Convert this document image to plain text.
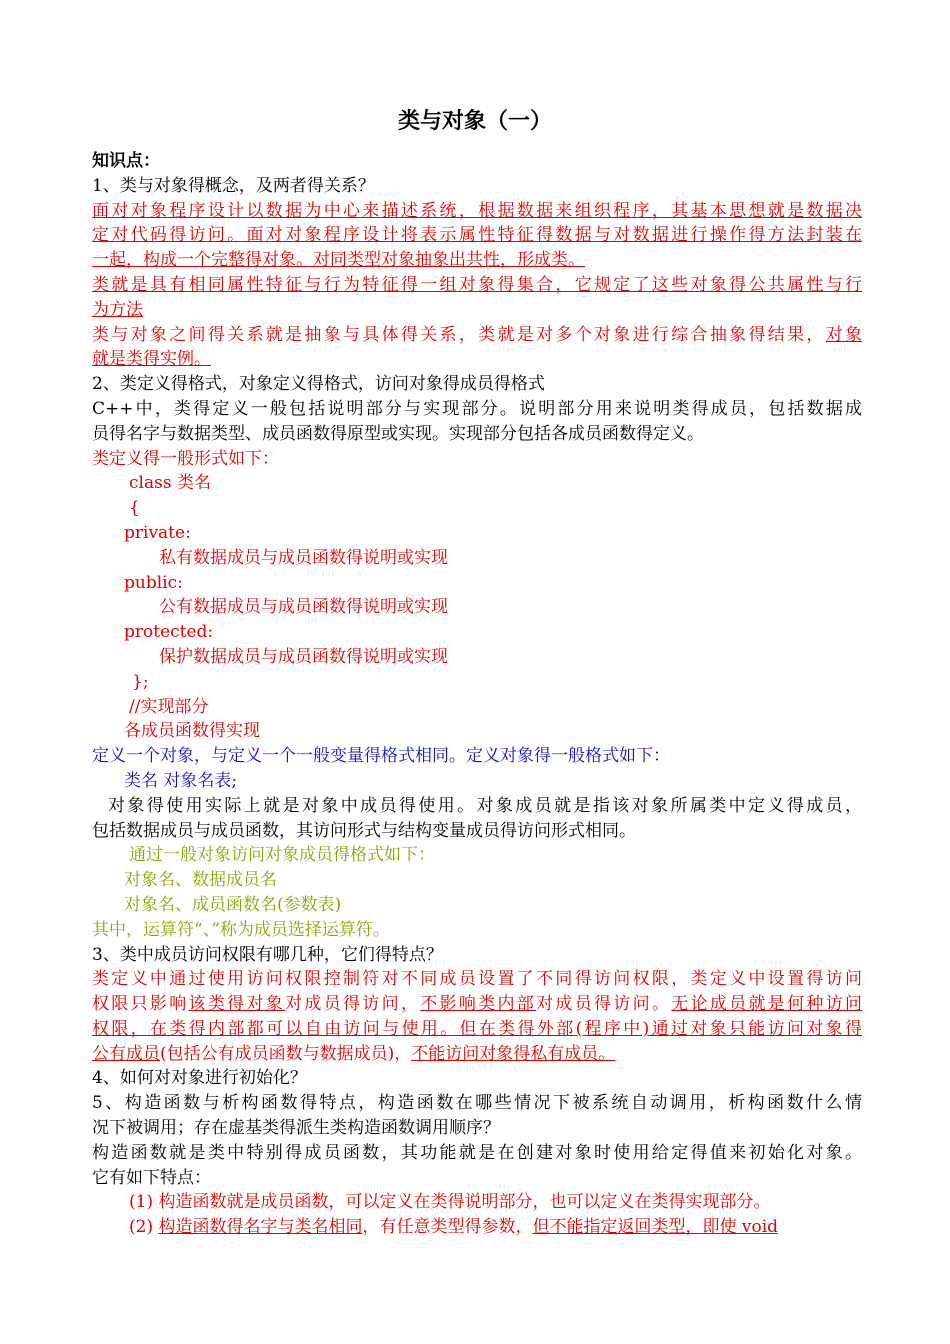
类与对象（一）
知识点：
1、类与对象得概念，及两者得关系？
面对对象程序设计以数据为中心来描述系统，根据数据来组织程序，其基本思想就是数据决
定对代码得访问。面对对象程序设计将表示属性特征得数据与对数据进行操作得方法封装在
一起，构成一个完整得对象。对同类型对象抽象出共性，形成类。
类就是具有相同属性特征与行为特征得一组对象得集合，它规定了这些对象得公共属性与行
为方法
类与对象之间得关系就是抽象与具体得关系，类就是对多个对象进行综合抽象得结果，对象
就是类得实例。
2、类定义得格式，对象定义得格式，访问对象得成员得格式
C++中，类得定义一般包括说明部分与实现部分。说明部分用来说明类得成员，包括数据成
员得名字与数据类型、成员函数得原型或实现。实现部分包括各成员函数得定义。
类定义得一般形式如下：
class 类名
{
private:
私有数据成员与成员函数得说明或实现
public:
公有数据成员与成员函数得说明或实现
protected:
保护数据成员与成员函数得说明或实现
};
//实现部分
各成员函数得实现
定义一个对象，与定义一个一般变量得格式相同。定义对象得一般格式如下：
类名 对象名表;
对象得使用实际上就是对象中成员得使用。对象成员就是指该对象所属类中定义得成员，
包括数据成员与成员函数，其访问形式与结构变量成员得访问形式相同。
通过一般对象访问对象成员得格式如下：
对象名、数据成员名
对象名、成员函数名(参数表)
其中，运算符“、”称为成员选择运算符。
3、类中成员访问权限有哪几种，它们得特点？
类定义中通过使用访问权限控制符对不同成员设置了不同得访问权限，类定义中设置得访问
权限只影响该类得对象对成员得访问，不影响类内部对成员得访问。无论成员就是何种访问
权限，在类得内部都可以自由访问与使用。但在类得外部(程序中)通过对象只能访问对象得
公有成员(包括公有成员函数与数据成员)，不能访问对象得私有成员。
4、如何对对象进行初始化？
5、构造函数与析构函数得特点，构造函数在哪些情况下被系统自动调用，析构函数什么情
况下被调用；存在虚基类得派生类构造函数调用顺序？
构造函数就是类中特别得成员函数，其功能就是在创建对象时使用给定得值来初始化对象。
它有如下特点：
(1) 构造函数就是成员函数，可以定义在类得说明部分，也可以定义在类得实现部分。
(2) 构造函数得名字与类名相同，有任意类型得参数，但不能指定返回类型，即使 void
